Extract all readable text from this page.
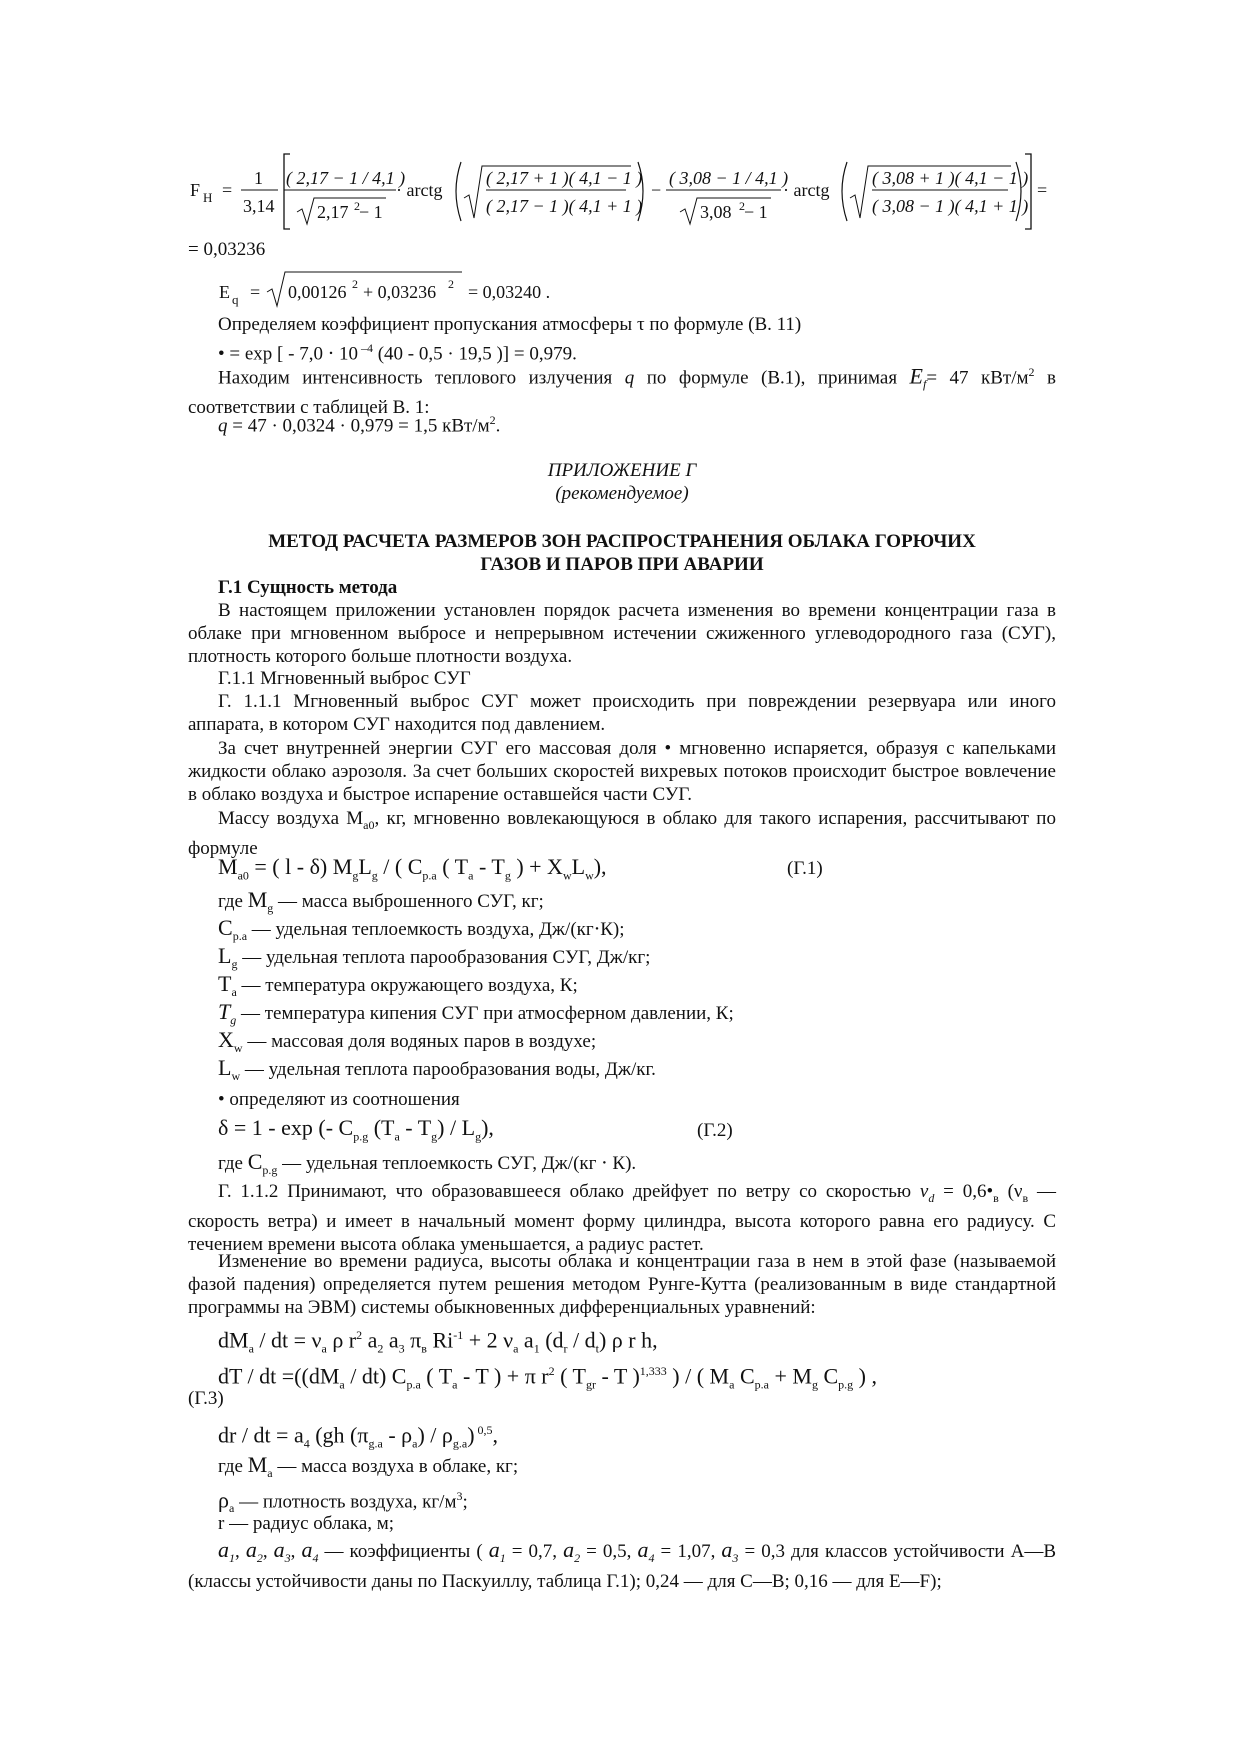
F H =
1
3,14
=
( 2,17 − 1 / 4,1 )
2,17 2 − 1
· arctg
( 2,17 + 1 )( 4,1 − 1 )
( 2,17 − 1 )( 4,1 + 1 )
−
( 3,08 − 1 / 4,1 )
3,08 2 − 1
· arctg
( 3,08 + 1 )( 4,1 − 1 )
( 3,08 − 1 )( 4,1 + 1 )
= 0,03236
E q = 0,00126 2 + 0,03236 2 = 0,03240 .
Определяем коэффициент пропускания атмосферы τ по формуле (В. 11)
• = exp [ - 7,0 ⋅ 10 $^{-4}$ (40 - 0,5 · 19,5 )] = 0,979.
Находим интенсивность теплового излучения q по формуле (В.1), принимая $E_f= 47$ кВт/$м^2$ в соответствии с таблицей В. 1:
q = 47 · 0,0324 · 0,979 = 1,5 кВт/$м^2$.
ПРИЛОЖЕНИЕ Г
(рекомендуемое)
МЕТОД РАСЧЕТА РАЗМЕРОВ ЗОН РАСПРОСТРАНЕНИЯ ОБЛАКА ГОРЮЧИХ
ГАЗОВ И ПАРОВ ПРИ АВАРИИ
Г.1 Сущность метода
В настоящем приложении установлен порядок расчета изменения во времени концентрации газа в облаке при мгновенном выбросе и непрерывном истечении сжиженного углеводородного газа (СУГ), плотность которого больше плотности воздуха.
Г.1.1 Мгновенный выброс СУГ
Г. 1.1.1 Мгновенный выброс СУГ может происходить при повреждении резервуара или иного аппарата, в котором СУГ находится под давлением.
За счет внутренней энергии СУГ его массовая доля • мгновенно испаряется, образуя с капельками жидкости облако аэрозоля. За счет больших скоростей вихревых потоков происходит быстрое вовлечение в облако воздуха и быстрое испарение оставшейся части СУГ.
Массу воздуха $М_{a0}$, кг, мгновенно вовлекающуюся в облако для такого испарения, рассчитывают по формуле
$M_{a0}$ = ( l - δ) $M_gL_g$ / ( $C_{p.a}$ ( $T_a - T_g$ ) + $X_wL_w$),	(Г.1)
где $M_g$ — масса выброшенного СУГ, кг;
$C_{p.a}$ — удельная теплоемкость воздуха, Дж/(кг⋅К);
$L_g$ — удельная теплота парообразования СУГ, Дж/кг;
$T_a$ — температура окружающего воздуха, К;
$T_g$ — температура кипения СУГ при атмосферном давлении, К;
$X_w$ — массовая доля водяных паров в воздухе;
$L_w$ — удельная теплота парообразования воды, Дж/кг.
• определяют из соотношения
δ = 1 - exp (- $C_{p.g}$ $(T_a - T_g) / L_g$),	(Г.2)
где $C_{p.g}$ — удельная теплоемкость СУГ, Дж/(кг ⋅ К).
Г. 1.1.2 Принимают, что образовавшееся облако дрейфует по ветру со скоростью $v_d$ = $0,6•_в$ ($\nu_в$ — скорость ветра) и имеет в начальный момент форму цилиндра, высота которого равна его радиусу. С течением времени высота облака уменьшается, а радиус растет.
Изменение во времени радиуса, высоты облака и концентрации газа в нем в этой фазе (называемой фазой падения) определяется путем решения методом Рунге-Кутта (реализованным в виде стандартной программы на ЭВМ) системы обыкновенных дифференциальных уравнений:
$dM_a$ / dt = $\nu_a$ ρ $r^2$ $a_2$ $a_3$ $\pi_в$ $Ri^{-1} + 2$ $\nu_a$ $a_1$ $(d_r / d_t)$ ρ r h,
dT / dt $=((dM_a / dt)$ $C_{p.a}$ ( $T_a$ - T ) + π $r^2$ ( $T_{gr}$ - T )$^{1,333}$ ) / ( $M_a$ $C_{p.a} + M_g$ $C_{p.g}$ ) ,
(Г.3)
dr / dt = $a_4$ (gh $(\pi_{g.a} - \rho_a) / \rho_{g.a}$) $^{0,5}$,
где $M_a$ — масса воздуха в облаке, кг;
$\rho_a$ — плотность воздуха, $кг/м^3$;
r — радиус облака, м;
$a_1$, $a_2$, $a_3$, $a_4$ — коэффициенты ( $a_1 = 0,7$, $a_2 = 0,5$, $a_4 = 1,07$, $a_3 = 0,3$ для классов устойчивости А—В (классы устойчивости даны по Паскуиллу, таблица Г.1); 0,24 — для С—В; 0,16 — для Е—F);
